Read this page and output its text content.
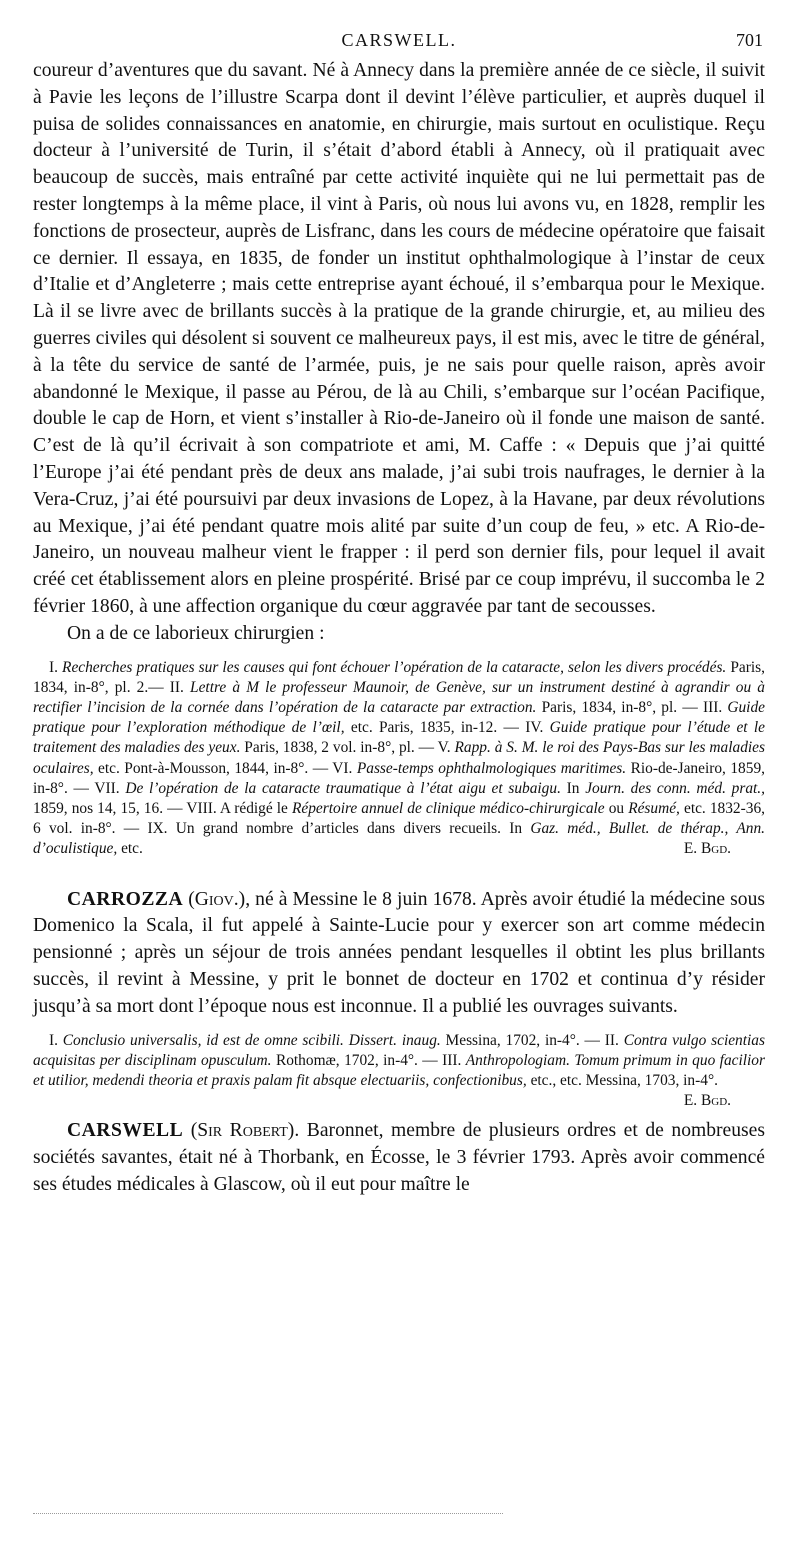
CARSWELL.	701

coureur d’aventures que du savant. Né à Annecy dans la première année de ce siècle, il suivit à Pavie les leçons de l’illustre Scarpa dont il devint l’élève particulier, et auprès duquel il puisa de solides connaissances en anatomie, en chirurgie, mais surtout en oculistique. Reçu docteur à l’université de Turin, il s’était d’abord établi à Annecy, où il pratiquait avec beaucoup de succès, mais entraîné par cette activité inquiète qui ne lui permettait pas de rester longtemps à la même place, il vint à Paris, où nous lui avons vu, en 1828, remplir les fonctions de prosecteur, auprès de Lisfranc, dans les cours de médecine opératoire que faisait ce dernier. Il essaya, en 1835, de fonder un institut ophthalmologique à l’instar de ceux d’Italie et d’Angleterre ; mais cette entreprise ayant échoué, il s’embarqua pour le Mexique. Là il se livre avec de brillants succès à la pratique de la grande chirurgie, et, au milieu des guerres civiles qui désolent si souvent ce malheureux pays, il est mis, avec le titre de général, à la tête du service de santé de l’armée, puis, je ne sais pour quelle raison, après avoir abandonné le Mexique, il passe au Pérou, de là au Chili, s’embarque sur l’océan Pacifique, double le cap de Horn, et vient s’installer à Rio-de-Janeiro où il fonde une maison de santé. C’est de là qu’il écrivait à son compatriote et ami, M. Caffe : « Depuis que j’ai quitté l’Europe j’ai été pendant près de deux ans malade, j’ai subi trois naufrages, le dernier à la Vera-Cruz, j’ai été poursuivi par deux invasions de Lopez, à la Havane, par deux révolutions au Mexique, j’ai été pendant quatre mois alité par suite d’un coup de feu, » etc. A Rio-de-Janeiro, un nouveau malheur vient le frapper : il perd son dernier fils, pour lequel il avait créé cet établissement alors en pleine prospérité. Brisé par ce coup imprévu, il succomba le 2 février 1860, à une affection organique du cœur aggravée par tant de secousses.

On a de ce laborieux chirurgien :

I. Recherches pratiques sur les causes qui font échouer l’opération de la cataracte, selon les divers procédés. Paris, 1834, in-8°, pl. 2.— II. Lettre à M le professeur Maunoir, de Genève, sur un instrument destiné à agrandir ou à rectifier l’incision de la cornée dans l’opération de la cataracte par extraction. Paris, 1834, in-8°, pl. — III. Guide pratique pour l’exploration méthodique de l’œil, etc. Paris, 1835, in-12. — IV. Guide pratique pour l’étude et le traitement des maladies des yeux. Paris, 1838, 2 vol. in-8°, pl. — V. Rapp. à S. M. le roi des Pays-Bas sur les maladies oculaires, etc. Pont-à-Mousson, 1844, in-8°. — VI. Passe-temps ophthalmologiques maritimes. Rio-de-Janeiro, 1859, in-8°. — VII. De l’opération de la cataracte traumatique à l’état aigu et subaigu. In Journ. des conn. méd. prat., 1859, nos 14, 15, 16. — VIII. A rédigé le Répertoire annuel de clinique médico-chirurgicale ou Résumé, etc. 1832-36, 6 vol. in-8°. — IX. Un grand nombre d’articles dans divers recueils. In Gaz. méd., Bullet. de thérap., Ann. d’oculistique, etc.	E. Bgd.

CARROZZA (Giov.), né à Messine le 8 juin 1678. Après avoir étudié la médecine sous Domenico la Scala, il fut appelé à Sainte-Lucie pour y exercer son art comme médecin pensionné ; après un séjour de trois années pendant lesquelles il obtint les plus brillants succès, il revint à Messine, y prit le bonnet de docteur en 1702 et continua d’y résider jusqu’à sa mort dont l’époque nous est inconnue. Il a publié les ouvrages suivants.

I. Conclusio universalis, id est de omne scibili. Dissert. inaug. Messina, 1702, in-4°. — II. Contra vulgo scientias acquisitas per disciplinam opusculum. Rothomæ, 1702, in-4°. — III. Anthropologiam. Tomum primum in quo facilior et utilior, medendi theoria et praxis palam fit absque electuariis, confectionibus, etc., etc. Messina, 1703, in-4°.
E. Bgd.

CARSWELL (Sir Robert). Baronnet, membre de plusieurs ordres et de nombreuses sociétés savantes, était né à Thorbank, en Écosse, le 3 février 1793. Après avoir commencé ses études médicales à Glascow, où il eut pour maître le
